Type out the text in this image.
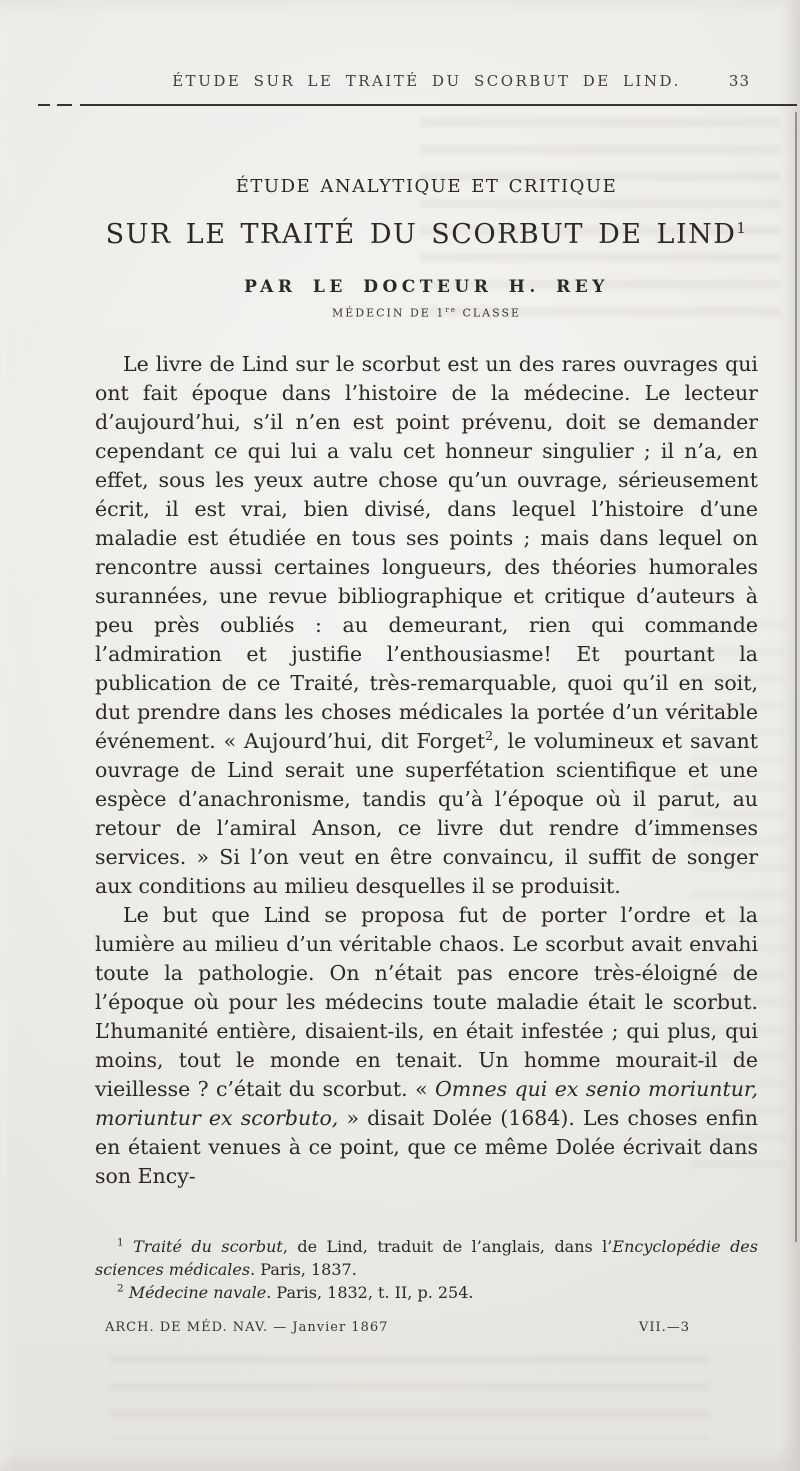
ÉTUDE SUR LE TRAITÉ DU SCORBUT DE LIND.	33
ÉTUDE ANALYTIQUE ET CRITIQUE
SUR LE TRAITÉ DU SCORBUT DE LIND$^1$
PAR LE DOCTEUR H. REY
MÉDECIN DE 1re CLASSE

Le livre de Lind sur le scorbut est un des rares ouvrages qui ont fait époque dans l’histoire de la médecine. Le lecteur d’aujourd’hui, s’il n’en est point prévenu, doit se demander cependant ce qui lui a valu cet honneur singulier ; il n’a, en effet, sous les yeux autre chose qu’un ouvrage, sérieusement écrit, il est vrai, bien divisé, dans lequel l’histoire d’une maladie est étudiée en tous ses points ; mais dans lequel on rencontre aussi certaines longueurs, des théories humorales surannées, une revue bibliographique et critique d’auteurs à peu près oubliés : au demeurant, rien qui commande l’admiration et justifie l’enthousiasme! Et pourtant la publication de ce Traité, très-remarquable, quoi qu’il en soit, dut prendre dans les choses médicales la portée d’un véritable événement. « Aujourd’hui, dit Forget$^2$, le volumineux et savant ouvrage de Lind serait une superfétation scientifique et une espèce d’anachronisme, tandis qu’à l’époque où il parut, au retour de l’amiral Anson, ce livre dut rendre d’immenses services. » Si l’on veut en être convaincu, il suffit de songer aux conditions au milieu desquelles il se produisit.

Le but que Lind se proposa fut de porter l’ordre et la lumière au milieu d’un véritable chaos. Le scorbut avait envahi toute la pathologie. On n’était pas encore très-éloigné de l’époque où pour les médecins toute maladie était le scorbut. L’humanité entière, disaient-ils, en était infestée ; qui plus, qui moins, tout le monde en tenait. Un homme mourait-il de vieillesse ? c’était du scorbut. « Omnes qui ex senio moriuntur, moriuntur ex scorbuto, » disait Dolée (1684). Les choses enfin en étaient venues à ce point, que ce même Dolée écrivait dans son Ency-

$^1$ Traité du scorbut, de Lind, traduit de l’anglais, dans l’Encyclopédie des sciences médicales. Paris, 1837.

$^2$ Médecine navale. Paris, 1832, t. II, p. 254.

ARCH. DE MÉD. NAV. — Janvier 1867	VII.—3
